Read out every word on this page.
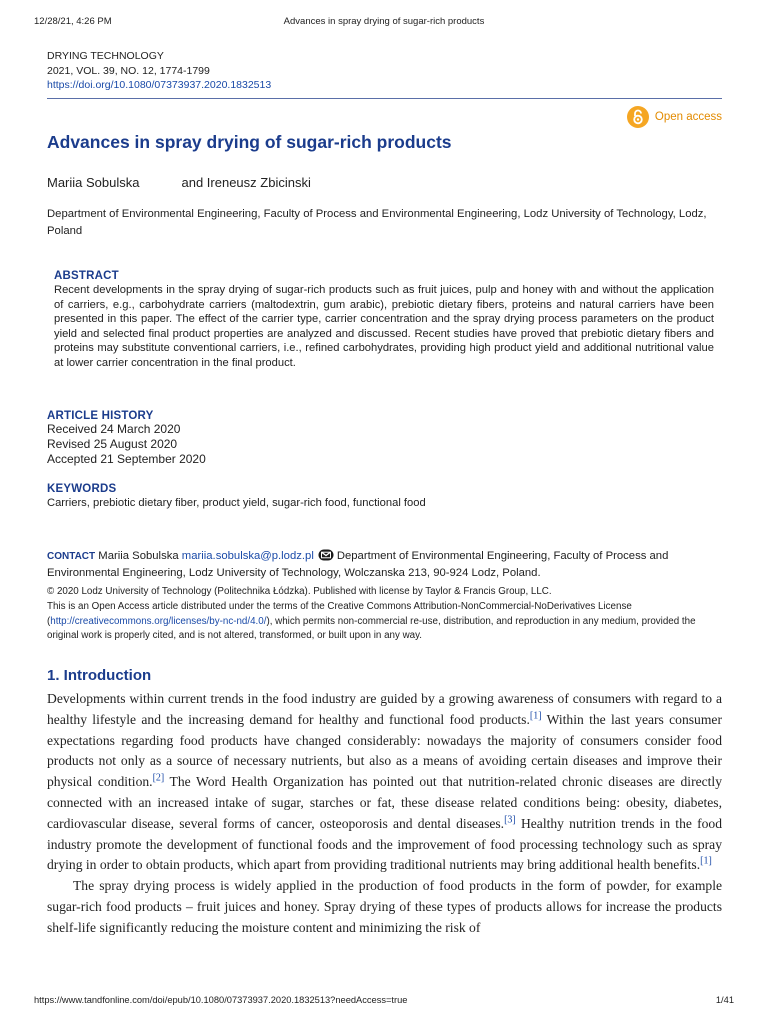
12/28/21, 4:26 PM	Advances in spray drying of sugar-rich products
DRYING TECHNOLOGY
2021, VOL. 39, NO. 12, 1774-1799
https://doi.org/10.1080/07373937.2020.1832513
Open access
Advances in spray drying of sugar-rich products
Mariia Sobulska	and Ireneusz Zbicinski
Department of Environmental Engineering, Faculty of Process and Environmental Engineering, Lodz University of Technology, Lodz, Poland
ABSTRACT
Recent developments in the spray drying of sugar-rich products such as fruit juices, pulp and honey with and without the application of carriers, e.g., carbohydrate carriers (maltodextrin, gum arabic), prebiotic dietary fibers, proteins and natural carriers have been presented in this paper. The effect of the carrier type, carrier concentration and the spray drying process parameters on the product yield and selected final product properties are analyzed and discussed. Recent studies have proved that prebiotic dietary fibers and proteins may substitute conventional carriers, i.e., refined carbohydrates, providing high product yield and additional nutritional value at lower carrier concentration in the final product.
ARTICLE HISTORY
Received 24 March 2020
Revised 25 August 2020
Accepted 21 September 2020
KEYWORDS
Carriers, prebiotic dietary fiber, product yield, sugar-rich food, functional food
CONTACT Mariia Sobulska mariia.sobulska@p.lodz.pl Department of Environmental Engineering, Faculty of Process and Environmental Engineering, Lodz University of Technology, Wolczanska 213, 90-924 Lodz, Poland.
© 2020 Lodz University of Technology (Politechnika Łódzka). Published with license by Taylor & Francis Group, LLC.
This is an Open Access article distributed under the terms of the Creative Commons Attribution-NonCommercial-NoDerivatives License (http://creativecommons.org/licenses/by-nc-nd/4.0/), which permits non-commercial re-use, distribution, and reproduction in any medium, provided the original work is properly cited, and is not altered, transformed, or built upon in any way.
1. Introduction

Developments within current trends in the food industry are guided by a growing awareness of consumers with regard to a healthy lifestyle and the increasing demand for healthy and functional food products.[1] Within the last years consumer expectations regarding food products have changed considerably: nowadays the majority of consumers consider food products not only as a source of necessary nutrients, but also as a means of avoiding certain diseases and improve their physical condition.[2] The Word Health Organization has pointed out that nutrition-related chronic diseases are directly connected with an increased intake of sugar, starches or fat, these disease related conditions being: obesity, diabetes, cardiovascular disease, several forms of cancer, osteoporosis and dental diseases.[3] Healthy nutrition trends in the food industry promote the development of functional foods and the improvement of food processing technology such as spray drying in order to obtain products, which apart from providing traditional nutrients may bring additional health benefits.[1]

The spray drying process is widely applied in the production of food products in the form of powder, for example sugar-rich food products – fruit juices and honey. Spray drying of these types of products allows for increase the products shelf-life significantly reducing the moisture content and minimizing the risk of

https://www.tandfonline.com/doi/epub/10.1080/07373937.2020.1832513?needAccess=true	1/41
